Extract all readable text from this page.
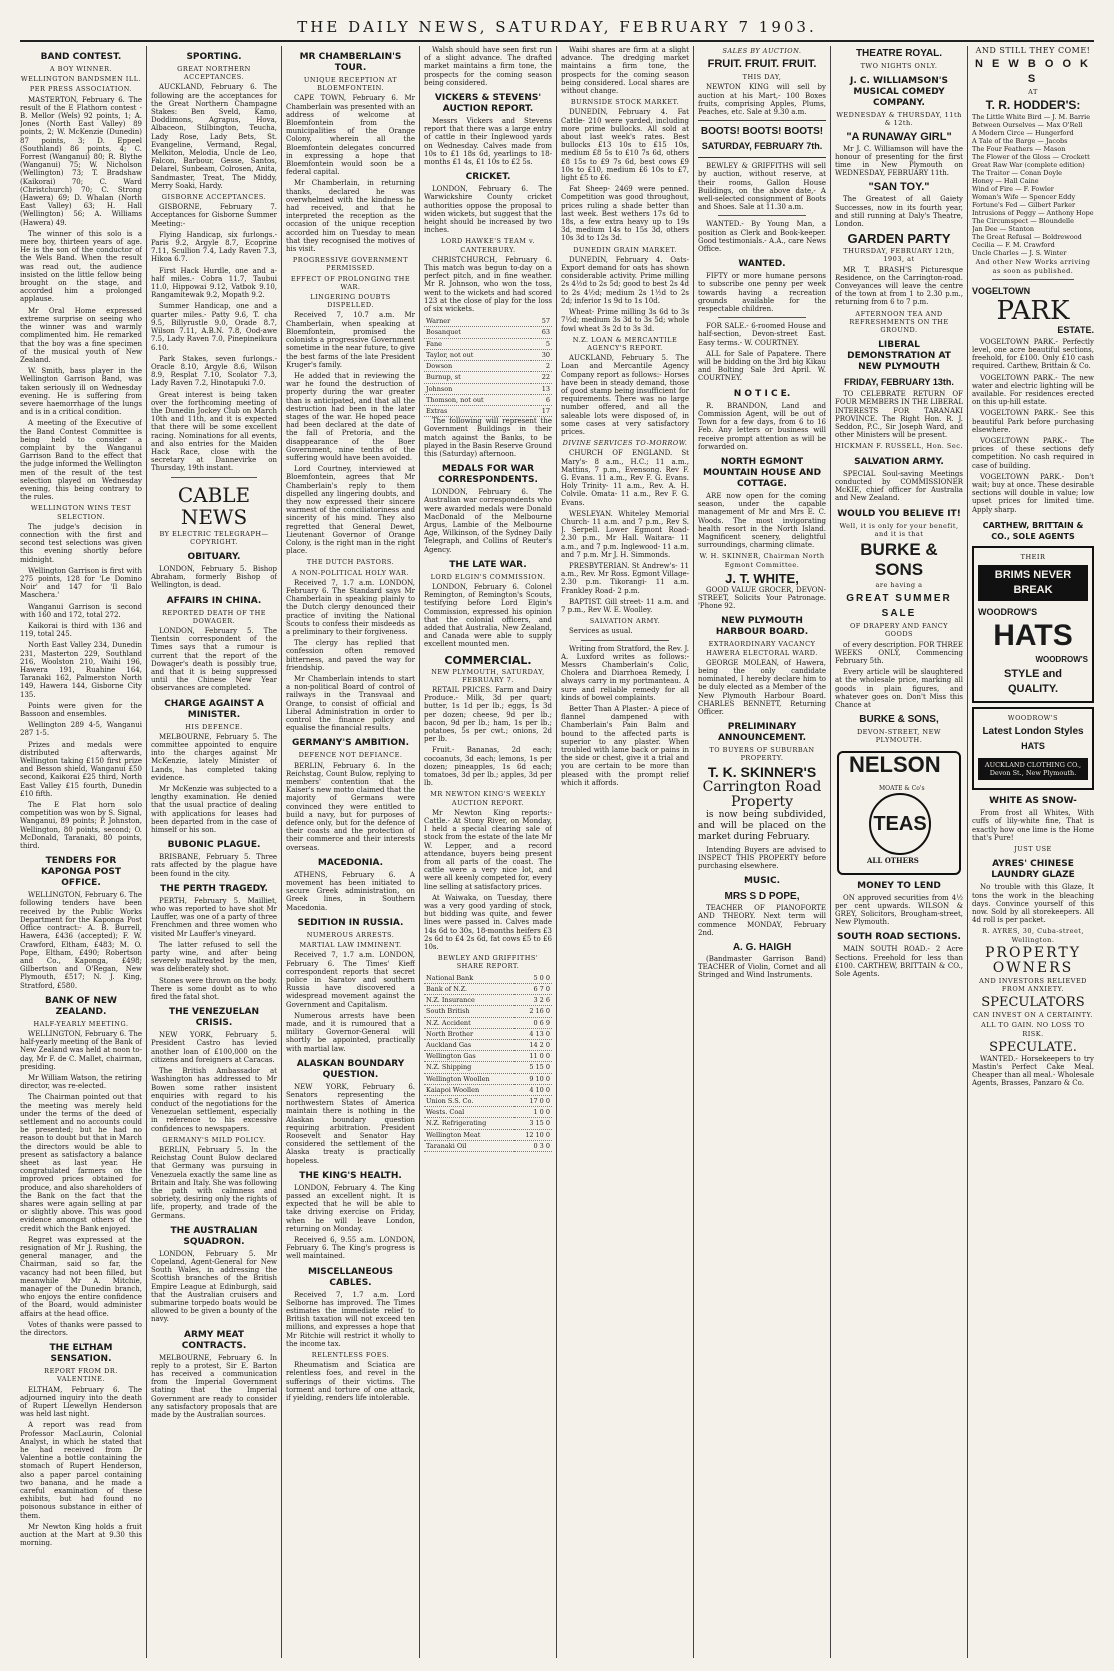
THE DAILY NEWS, SATURDAY, FEBRUARY 7 1903.
BAND CONTEST.
A BOY WINNER.
WELLINGTON BANDSMEN ILL.
PER PRESS ASSOCIATION.

MASTERTON, February 6. The result of the E Flathorn contest - B. Mellor (Wels) 92 points, 1; A. Jones (North East Valley) 89 points, 2; W. McKenzie (Dunedin) 87 points, 3; D. Eppeel (Southland) 86 points, 4; C. Forrest (Wanganui) 80; R. Blythe (Wanganui) 75; W. Nicholson (Wellington) 73; T. Bradshaw (Kaikorai) 70; C. Ward (Christchurch) 70; C. Strong (Hawera) 69; D. Whalan (North East Valley) 63; H. Hall (Wellington) 56; A. Williams (Hawera) 49.

The winner of this solo is a mere boy, thirteen years of age. He is the son of the conductor of the Wels Band. When the result was read out, the audience insisted on the little fellow being brought on the stage, and accorded him a prolonged applause.

Mr Oral Home expressed extreme surprise on seeing who the winner was and warmly complimented him. He remarked that the boy was a fine specimen of the musical youth of New Zealand.

W. Smith, bass player in the Wellington Garrison Band, was taken seriously ill on Wednesday evening. He is suffering from severe haemorrhage of the lungs and is in a critical condition.

A meeting of the Executive of the Band Contest Committee is being held to consider a complaint by the Wanganui Garrison Band to the effect that the judge informed the Wellington men of the result of the test selection played on Wednesday evening, this being contrary to the rules.

WELLINGTON WINS TEST SELECTION.

The judge's decision in connection with the first and second test selections was given this evening shortly before midnight.

Wellington Garrison is first with 275 points, 128 for 'Le Domino Noir' and 147 for 'Il Balo Maschera.'

Wanganui Garrison is second with 160 and 172, total 272.

Kaikorai is third with 136 and 119, total 245.

North East Valley 234, Dunedin 231, Masterton 229, Southland 216, Woolston 210, Waihi 196, Hawera 191, Ruahine 164, Taranaki 162, Palmerston North 149, Hawera 144, Gisborne City 135.

Points were given for the Bassoon and ensembles.

Wellington 289 4-5, Wanganui 287 1-5.

Prizes and medals were distributed afterwards, Wellington taking £150 first prize and Besson shield, Wanganui £50 second, Kaikorai £25 third, North East Valley £15 fourth, Dunedin £10 fifth.

The E Flat horn solo competition was won by S. Signal, Wanganui, 89 points; P. Johnston, Wellington, 80 points, second; O. McDonald, Taranaki, 80 points, third.

TENDERS FOR KAPONGA POST OFFICE.

WELLINGTON, February 6. The following tenders have been received by the Public Works Department for the Kaponga Post Office contract:- A. B. Burrell, Hawera, £436 (accepted); F. W. Crawford, Eltham, £483; M. O. Pope, Eltham, £490; Robertson and Co., Kaponga, £498; Gilbertson and O'Regan, New Plymouth, £517; N. J. King, Stratford, £580.

BANK OF NEW ZEALAND.
HALF-YEARLY MEETING.

WELLINGTON, February 6. The half-yearly meeting of the Bank of New Zealand was held at noon to-day, Mr F. de C. Mallet, chairman, presiding.

Mr William Watson, the retiring director, was re-elected.

The Chairman pointed out that the meeting was merely held under the terms of the deed of settlement and no accounts could be presented; but he had no reason to doubt but that in March the directors would be able to present as satisfactory a balance sheet as last year. He congratulated farmers on the improved prices obtained for produce, and also shareholders of the Bank on the fact that the shares were again selling at par or slightly above. This was good evidence amongst others of the credit which the Bank enjoyed.

Regret was expressed at the resignation of Mr J. Rushing, the general manager, and the Chairman, said so far, the vacancy had not been filled, but meanwhile Mr A. Mitchie, manager of the Dunedin branch, who enjoys the entire confidence of the Board, would administer affairs at the head office.

Votes of thanks were passed to the directors.

THE ELTHAM SENSATION.
REPORT FROM DR. VALENTINE.

ELTHAM, February 6. The adjourned inquiry into the death of Rupert Llewellyn Henderson was held last night.

A report was read from Professor MacLaurin, Colonial Analyst, in which he stated that he had received from Dr Valentine a bottle containing the stomach of Rupert Henderson, also a paper parcel containing two banana, and he made a careful examination of these exhibits, but had found no poisonous substance in either of them.

Mr Newton King holds a fruit auction at the Mart at 9.30 this morning.

SPORTING.
GREAT NORTHERN ACCEPTANCES.

AUCKLAND, February 6. The following are the acceptances for the Great Northern Champagne Stakes: Ben Sveld, Kamo, Doddimons, Agrapus, Hova, Albaceon, Stilbington, Teucha, Lady Rose, Lady Bets, St. Evangeline, Vermand, Regal, Melkiton, Melodia, Uncle de Leo, Falcon, Barbour, Gesse, Santos, Delarel, Sunbeam, Colrosen, Anita, Sandmaster, Treat, The Middy, Merry Soaki, Hardy.

GISBORNE ACCEPTANCES.

GISBORNE, February 7. Acceptances for Gisborne Summer Meeting:-

Flying Handicap, six furlongs.- Paris 9.2, Argyle 8.7, Ecoprine 7.11, Scullion 7.4, Lady Raven 7.3, Hikoa 6.7.

First Hack Hurdle, one and a-half miles.- Cobra 11.7, Taubui 11.0, Hippowai 9.12, Vatbok 9.10, Rangamitewak 9.2, Mopath 9.2.

Summer Handicap, one and a quarter miles.- Patty 9.6, T. cha 9.5, Billyrustle 9.0, Orade 8.7, Wilson 7.11, A.B.N. 7.8, Ood-awe 7.5, Lady Raven 7.0, Pinepineikura 6.10.

Park Stakes, seven furlongs.- Oracle 8.10, Argyle 8.6, Wilson 8.9, Resplat 7.10, Scolator 7.3, Lady Raven 7.2, Hinotapuki 7.0.

Great interest is being taken over the forthcoming meeting of the Dunedin Jockey Club on March 10th and 11th, and it is expected that there will be some excellent racing. Nominations for all events, and also entries for the Maiden Hack Race, close with the secretary at Dannevirke on Thursday, 19th instant.

CABLE NEWS
BY ELECTRIC TELEGRAPH—COPYRIGHT.
OBITUARY.

LONDON, February 5. Bishop Abraham, formerly Bishop of Wellington, is dead.

AFFAIRS IN CHINA.
REPORTED DEATH OF THE DOWAGER.

LONDON, February 5. The Tientsin correspondent of the Times says that a rumour is current that the report of the Dowager's death is possibly true, and that it is being suppressed until the Chinese New Year observances are completed.

CHARGE AGAINST A MINISTER.
HIS DEFENCE.

MELBOURNE, February 5. The committee appointed to enquire into the charges against Mr McKenzie, lately Minister of Lands, has completed taking evidence.

Mr McKenzie was subjected to a lengthy examination. He denied that the usual practice of dealing with applications for leases had been departed from in the case of himself or his son.

BUBONIC PLAGUE.

BRISBANE, February 5. Three rats affected by the plague have been found in the city.

THE PERTH TRAGEDY.

PERTH, February 5. Mailliet, who was reported to have shot Mr Lauffer, was one of a party of three Frenchmen and three women who visited Mr Lauffer's vineyard.

The latter refused to sell the party wine, and after being severely maltreated by the men, was deliberately shot.

Stones were thrown on the body. There is some doubt as to who fired the fatal shot.

THE VENEZUELAN CRISIS.

NEW YORK, February 5. President Castro has levied another loan of £100,000 on the citizens and foreigners at Caracas.

The British Ambassador at Washington has addressed to Mr Bowen some rather insistent enquiries with regard to his conduct of the negotiations for the Venezuelan settlement, especially in reference to his excessive confidences to newspapers.

GERMANY'S MILD POLICY.

BERLIN, February 5. In the Reichstag Count Bulow declared that Germany was pursuing in Venezuela exactly the same line as Britain and Italy. She was following the path with calmness and sobriety, desiring only the rights of life, property, and trade of the Germans.

THE AUSTRALIAN SQUADRON.

LONDON, February 5. Mr Copeland, Agent-General for New South Wales, in addressing the Scottish branches of the British Empire League at Edinburgh, said that the Australian cruisers and submarine torpedo boats would be allowed to be given a bounty of the navy.

ARMY MEAT CONTRACTS.

MELBOURNE, February 6. In reply to a protest, Sir E. Barton has received a communication from the Imperial Government stating that the Imperial Government are ready to consider any satisfactory proposals that are made by the Australian sources.

MR CHAMBERLAIN'S TOUR.
UNIQUE RECEPTION AT BLOEMFONTEIN.

CAPE TOWN, February 6. Mr Chamberlain was presented with an address of welcome at Bloemfontein from the municipalities of the Orange Colony, wherein all the Bloemfontein delegates concurred in expressing a hope that Bloemfontein would soon be a federal capital.

Mr Chamberlain, in returning thanks, declared he was overwhelmed with the kindness he had received, and that he interpreted the reception as the occasion of the unique reception accorded him on Tuesday to mean that they recognised the motives of his visit.

PROGRESSIVE GOVERNMENT PERMISSED.
EFFECT OF PROLONGING THE WAR.
LINGERING DOUBTS DISPELLED.

Received 7, 10.7 a.m. Mr Chamberlain, when speaking at Bloemfontein, promised the colonists a progressive Government sometime in the near future, to give the best farms of the late President Kruger's family.

He added that in reviewing the war he found the destruction of property during the war greater than is anticipated, and that all the destruction had been in the later stages of the war. He hoped peace had been declared at the date of the fall of Pretoria, and the disappearance of the Boer Government, nine tenths of the suffering would have been avoided.

Lord Courtney, interviewed at Bloemfontein, agrees that Mr Chamberlain's reply to them dispelled any lingering doubts, and they now expressed their sincere warmest of the conciliatoriness and sincerity of his mind. They also regretted that General Dewet, Lieutenant Governor of Orange Colony, is the right man in the right place.

THE DUTCH PASTORS.
A NON-POLITICAL HOLY WAR.

Received 7, 1.7 a.m. LONDON, February 6. The Standard says Mr Chamberlain in speaking plainly to the Dutch clergy denounced their practice of inviting the National Scouts to confess their misdeeds as a preliminary to their forgiveness.

The clergy has replied that confession often removed bitterness, and paved the way for friendship.

Mr Chamberlain intends to start a non-political Board of control of railways in the Transvaal and Orange, to consist of official and Liberal Administration in order to control the finance policy and equalise the financial results.

GERMANY'S AMBITION.
DEFENCE NOT DEFIANCE.

BERLIN, February 6. In the Reichstag, Count Bulow, replying to members' contention that the Kaiser's new motto claimed that the majority of Germans were convinced they were entitled to build a navy, but for purposes of defence only, but for the defence of their coasts and the protection of their commerce and their interests overseas.

MACEDONIA.

ATHENS, February 6. A movement has been initiated to secure Greek administration, on Greek lines, in Southern Macedonia.

SEDITION IN RUSSIA.
NUMEROUS ARRESTS.
MARTIAL LAW IMMINENT.

Received 7, 1.7 a.m. LONDON, February 6. The Times' Kieff correspondent reports that secret police in Saratov and southern Russia have discovered a widespread movement against the Government and Capitalism.

Numerous arrests have been made, and it is rumoured that a military Governor-General will shortly be appointed, practically with martial law.

ALASKAN BOUNDARY QUESTION.

NEW YORK, February 6. Senators representing the northwestern States of America maintain there is nothing in the Alaskan boundary question requiring arbitration. President Roosevelt and Senator Hay considered the settlement of the Alaska treaty is practically hopeless.

THE KING'S HEALTH.

LONDON, February 4. The King passed an excellent night. It is expected that he will be able to take driving exercise on Friday, when he will leave London, returning on Monday.

Received 6, 9.55 a.m. LONDON, February 6. The King's progress is well maintained.

MISCELLANEOUS CABLES.

Received 7, 1.7 a.m. Lord Selborne has improved. The Times estimates the immediate relief to British taxation will not exceed ten millions, and expresses a hope that Mr Ritchie will restrict it wholly to the income tax.

RELENTLESS FOES.

Rheumatism and Sciatica are relentless foes, and revel in the sufferings of their victims. The torment and torture of one attack, if yielding, renders life intolerable.

Walsh should have seen first run of a slight advance. The drafted market maintains a firm tone, the prospects for the coming season being considered.

VICKERS & STEVENS' AUCTION REPORT.

Messrs Vickers and Stevens report that there was a large entry of cattle in their Inglewood yards on Wednesday. Calves made from 10s to £1 18s 6d, yearlings to 18-months £1 4s, £1 10s to £2 5s.

CRICKET.

LONDON, February 6. The Warwickshire County cricket authorities oppose the proposal to widen wickets, but suggest that the height should be increased by two inches.

LORD HAWKE'S TEAM v. CANTERBURY.

CHRISTCHURCH, February 6. This match was begun to-day on a perfect pitch, and in fine weather. Mr R. Johnson, who won the toss, went to the wickets and had scored 123 at the close of play for the loss of six wickets.

Warner	57
Bosanquet	63
Fane	5
Taylor, not out	30
Dowson	2
Burnup, st	22
Johnson	13
Thomson, not out	6
Extras	17

The following will represent the Government Buildings in their match against the Banks, to be played in the Basin Reserve Ground this (Saturday) afternoon.

MEDALS FOR WAR CORRESPONDENTS.

LONDON, February 6. The Australian war correspondents who were awarded medals were Donald MacDonald of the Melbourne Argus, Lambie of the Melbourne Age, Wilkinson, of the Sydney Daily Telegraph, and Collins of Reuter's Agency.

THE LATE WAR.
LORD ELGIN'S COMMISSION.

LONDON, February 6. Colonel Remington, of Remington's Scouts, testifying before Lord Elgin's Commission, expressed his opinion that the colonial officers, and added that Australia, New Zealand, and Canada were able to supply excellent mounted men.

COMMERCIAL.
NEW PLYMOUTH, SATURDAY, FEBRUARY 7.

RETAIL PRICES. Farm and Dairy Produce.- Milk, 3d per quart; butter, 1s 1d per lb.; eggs, 1s 3d per dozen; cheese, 9d per lb.; bacon, 9d per lb.; ham, 1s per lb.; potatoes, 5s per cwt.; onions, 2d per lb.

Fruit.- Bananas, 2d each; cocoanuts, 3d each; lemons, 1s per dozen; pineapples, 1s 6d each; tomatoes, 3d per lb.; apples, 3d per lb.

MR NEWTON KING'S WEEKLY AUCTION REPORT.

Mr Newton King reports:- Cattle.- At Stony River, on Monday, I held a special clearing sale of stock from the estate of the late Mr W. Lepper, and a record attendance, buyers being present from all parts of the coast. The cattle were a very nice lot, and were all keenly competed for, every line selling at satisfactory prices.

At Waiwaka, on Tuesday, there was a very good yarding of stock, but bidding was quite, and fewer lines were passed in. Calves made 14s 6d to 30s, 18-months heifers £3 2s 6d to £4 2s 6d, fat cows £5 to £6 10s.

BEWLEY AND GRIFFITHS' SHARE REPORT.
National Bank	5 0 0
Bank of N.Z.	6 7 0
N.Z. Insurance	3 2 6
South British	2 16 0
N.Z. Accident	0 6 9
North Brother	4 13 0
Auckland Gas	14 2 0
Wellington Gas	11 0 0
N.Z. Shipping	5 15 0
Wellington Woollen	9 10 0
Kaiapoi Woollen	4 10 0
Union S.S. Co.	17 0 0
Wests. Coal	1 0 0
N.Z. Refrigerating	3 15 0
Wellington Meat	12 10 0
Taranaki Oil	0 3 0

Waihi shares are firm at a slight advance. The dredging market maintains a firm tone, the prospects for the coming season being considered. Local shares are without change.

BURNSIDE STOCK MARKET.

DUNEDIN, February 4. Fat Cattle- 210 were yarded, including more prime bullocks. All sold at about last week's rates. Best bullocks £13 10s to £15 10s, medium £8 5s to £10 7s 6d, others £8 15s to £9 7s 6d, best cows £9 10s to £10, medium £6 10s to £7, light £5 to £6.

Fat Sheep- 2469 were penned. Competition was good throughout, prices ruling a shade better than last week. Best wethers 17s 6d to 18s, a few extra heavy up to 19s 3d, medium 14s to 15s 3d, others 10s 3d to 12s 3d.

DUNEDIN GRAIN MARKET.

DUNEDIN, February 4. Oats- Export demand for oats has shown considerable activity. Prime milling 2s 4½d to 2s 5d; good to best 2s 4d to 2s 4½d; medium 2s 1½d to 2s 2d; inferior 1s 9d to 1s 10d.

Wheat- Prime milling 3s 6d to 3s 7½d; medium 3s 3d to 3s 5d; whole fowl wheat 3s 2d to 3s 3d.

N.Z. LOAN & MERCANTILE AGENCY'S REPORT.

AUCKLAND, February 5. The Loan and Mercantile Agency Company report as follows:- Horses have been in steady demand, those of good stamp being insufficient for requirements. There was no large number offered, and all the saleable lots were disposed of, in some cases at very satisfactory prices.

DIVINE SERVICES TO-MORROW.

CHURCH OF ENGLAND. St Mary's- 8 a.m., H.C.; 11 a.m., Mattins, 7 p.m., Evensong. Rev F. G. Evans. 11 a.m., Rev F. G. Evans. Holy Trinity- 11 a.m., Rev. A. H. Colvile. Omata- 11 a.m., Rev F. G. Evans.

WESLEYAN. Whiteley Memorial Church- 11 a.m. and 7 p.m., Rev S. J. Serpell. Lower Egmont Road- 2.30 p.m., Mr Hall. Waitara- 11 a.m., and 7 p.m. Inglewood- 11 a.m. and 7 p.m. Mr J. H. Simmonds.

PRESBYTERIAN. St Andrew's- 11 a.m., Rev. Mr Ross. Egmont Village- 2.30 p.m. Tikorangi- 11 a.m. Frankley Road- 2 p.m.

BAPTIST. Gill street- 11 a.m. and 7 p.m., Rev W. E. Woolley.

SALVATION ARMY.

Services as usual.

Writing from Stratford, the Rev. J. A. Luxford writes as follows:- Messrs Chamberlain's Colic, Cholera and Diarrhoea Remedy, I always carry in my portmanteau. A sure and reliable remedy for all kinds of bowel complaints.

Better Than A Plaster.- A piece of flannel dampened with Chamberlain's Pain Balm and bound to the affected parts is superior to any plaster. When troubled with lame back or pains in the side or chest, give it a trial and you are certain to be more than pleased with the prompt relief which it affords.

SALES BY AUCTION.
FRUIT. FRUIT. FRUIT.
THIS DAY,

NEWTON KING will sell by auction at his Mart,- 100 Boxes fruits, comprising Apples, Plums, Peaches, etc. Sale at 9.30 a.m.

BOOTS! BOOTS! BOOTS!
SATURDAY, FEBRUARY 7th.

BEWLEY & GRIFFITHS will sell by auction, without reserve, at their rooms, Gallon House Buildings, on the above date,- A well-selected consignment of Boots and Shoes. Sale at 11.30 a.m.

WANTED.- By Young Man, a position as Clerk and Book-keeper. Good testimonials.- A.A., care News Office.

WANTED.

FIFTY or more humane persons to subscribe one penny per week towards having a recreation grounds available for the respectable children.

FOR SALE.- 6-roomed House and half-section, Devon-street East. Easy terms.- W. COURTNEY.

ALL for Sale of Papatere. There will be bidding on the 3rd big Kikau and Bolting Sale 3rd April. W. COURTNEY.

N O T I C E.

R. BRANDON, Land and Commission Agent, will be out of Town for a few days, from 6 to 16 Feb. Any letters or business will receive prompt attention as will be forwarded on.

NORTH EGMONT MOUNTAIN HOUSE AND COTTAGE.

ARE now open for the coming season, under the capable management of Mr and Mrs E. C. Woods. The most invigorating health resort in the North Island. Magnificent scenery, delightful surroundings, charming climate.

W. H. SKINNER, Chairman North Egmont Committee.
J. T. WHITE,

GOOD VALUE GROCER, DEVON-STREET, Solicits Your Patronage. 'Phone 92.

NEW PLYMOUTH HARBOUR BOARD.
EXTRAORDINARY VACANCY HAWERA ELECTORAL WARD.

GEORGE MOLEAN, of Hawera, being the only candidate nominated, I hereby declare him to be duly elected as a Member of the New Plymouth Harbour Board. CHARLES BENNETT, Returning Officer.

PRELIMINARY ANNOUNCEMENT.
TO BUYERS OF SUBURBAN PROPERTY.
T. K. SKINNER'S
Carrington Road Property

is now being subdivided, and will be placed on the market during February.

Intending Buyers are advised to INSPECT THIS PROPERTY before purchasing elsewhere.

MUSIC.
MRS S D POPE,

TEACHER OF PIANOFORTE AND THEORY. Next term will commence MONDAY, February 2nd.

A. G. HAIGH

(Bandmaster Garrison Band) TEACHER of Violin, Cornet and all Stringed and Wind Instruments.

THEATRE ROYAL.
TWO NIGHTS ONLY.
J. C. WILLIAMSON'S MUSICAL COMEDY COMPANY.
WEDNESDAY & THURSDAY, 11th & 12th.
"A RUNAWAY GIRL"

Mr J. C. Williamson will have the honour of presenting for the first time in New Plymouth on WEDNESDAY, FEBRUARY 11th.

"SAN TOY."

The Greatest of all Gaiety Successes, now in its fourth year, and still running at Daly's Theatre, London.

GARDEN PARTY
THURSDAY, FEBRUARY 12th, 1903, at

MR T. BRASH'S Picturesque Residence, on the Carrington-road. Conveyances will leave the centre of the town at from 1 to 2.30 p.m., returning from 6 to 7 p.m.

AFTERNOON TEA AND REFRESHMENTS ON THE GROUND.
LIBERAL DEMONSTRATION AT NEW PLYMOUTH
FRIDAY, FEBRUARY 13th.

TO CELEBRATE RETURN OF FOUR MEMBERS IN THE LIBERAL INTERESTS FOR TARANAKI PROVINCE. The Right Hon. R. J. Seddon, P.C., Sir Joseph Ward, and other Ministers will be present.

HICKMAN F. RUSSELL, Hon. Sec.
SALVATION ARMY.

SPECIAL Soul-saving Meetings conducted by COMMISSIONER McKIE, chief officer for Australia and New Zealand.

WOULD YOU BELIEVE IT!
Well, it is only for your benefit, and it is that
BURKE & SONS
are having a
GREAT SUMMER SALE
OF DRAPERY AND FANCY GOODS

of every description. FOR THREE WEEKS ONLY, Commencing February 5th.

Every article will be slaughtered at the wholesale price, marking all goods in plain figures, and whatever goes on. Don't Miss this Chance at

BURKE & SONS,
DEVON-STREET, NEW PLYMOUTH.
NELSON
MOATE & Co's
TEAS
ALL OTHERS
MONEY TO LEND

ON approved securities from 4½ per cent upwards. WILSON & GREY, Solicitors, Brougham-street, New Plymouth.

SOUTH ROAD SECTIONS.

MAIN SOUTH ROAD.- 2 Acre Sections. Freehold for less than £100. CARTHEW, BRITTAIN & CO., Sole Agents.

AND STILL THEY COME!
N E W B O O K S
AT
T. R. HODDER'S:
The Little White Bird — J. M. Barrie
Between Ourselves — Max O'Rell
A Modern Circe — Hungerford
A Tale of the Barge — Jacobs
The Four Feathers — Mason
The Flower of the Gloss — Crockett
Great Raw War (complete edition)
The Traitor — Conan Doyle
Honey — Hall Caine
Wind of Fire — F. Fowler
Woman's Wife — Spencer Eddy
Fortune's Fed — Gilbert Parker
Intrusions of Peggy — Anthony Hope
The Circumspect — Bloundelle
Jan Dee — Stanton
The Great Refusal — Boldrewood
Cecilia — F. M. Crawford
Uncle Charles — J. S. Winter
And other New Works arriving as soon as published.
VOGELTOWN
PARK
ESTATE.

VOGELTOWN PARK.- Perfectly level, one acre beautiful sections, freehold, for £100. Only £10 cash required. Carthew, Brittain & Co.

VOGELTOWN PARK.- The new water and electric lighting will be available. For residences erected on this up-hill estate.

VOGELTOWN PARK.- See this beautiful Park before purchasing elsewhere.

VOGELTOWN PARK.- The prices of these sections defy competition. No cash required in case of building.

VOGELTOWN PARK.- Don't wait; buy at once. These desirable sections will double in value; low upset prices for limited time. Apply sharp.

CARTHEW, BRITTAIN & CO., SOLE AGENTS
THEIR
BRIMS NEVER BREAK
WOODROW'S
HATS
WOODROW'S
STYLE and QUALITY.
WOODROW'S
Latest London Styles
HATS
AUCKLAND CLOTHING CO., Devon St., New Plymouth.
WHITE AS SNOW-

From frost all Whites, With cuffs of lily-white fine, That is exactly how one lime is the Home that's Pure!

JUST USE
AYRES' CHINESE LAUNDRY GLAZE

No trouble with this Glaze, It tons the work in the bleaching days. Convince yourself of this now. Sold by all storekeepers. All 4d roll is per packet.

R. AYRES, 30, Cuba-street, Wellington.
PROPERTY
OWNERS
AND INVESTORS RELIEVED FROM ANXIETY.
SPECULATORS
CAN INVEST ON A CERTAINTY.
ALL TO GAIN. NO LOSS TO RISK.
SPECULATE.

WANTED.- Horsekeepers to try Mastin's Perfect Cake Meal. Cheaper than all meal.- Wholesale Agents, Brasses, Panzaro & Co.
